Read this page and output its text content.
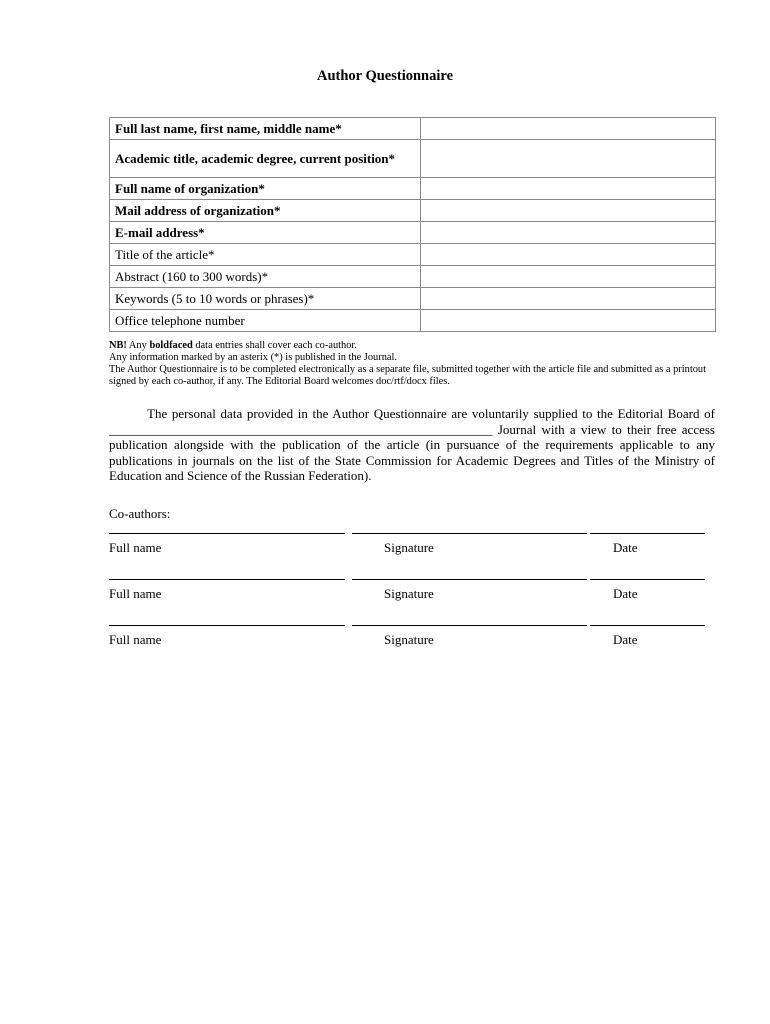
Author Questionnaire
Full last name, first name, middle name*	
Academic title, academic degree, current position*	
Full name of organization*	
Mail address of organization*	
E-mail address*	
Title of the article*	
Abstract (160 to 300 words)*	
Keywords (5 to 10 words or phrases)*	
Office telephone number	

NB! Any boldfaced data entries shall cover each co-author.

Any information marked by an asterix (*) is published in the Journal.

The Author Questionnaire is to be completed electronically as a separate file, submitted together with the article file and submitted as a printout signed by each co-author, if any. The Editorial Board welcomes doc/rtf/docx files.

The personal data provided in the Author Questionnaire are voluntarily supplied to the Editorial Board of ___________________________________________________________ Journal with a view to their free access publication alongside with the publication of the article (in pursuance of the requirements applicable to any publications in journals on the list of the State Commission for Academic Degrees and Titles of the Ministry of Education and Science of the Russian Federation).
Co-authors:
Full name	Signature	Date
Full name	Signature	Date
Full name	Signature	Date
